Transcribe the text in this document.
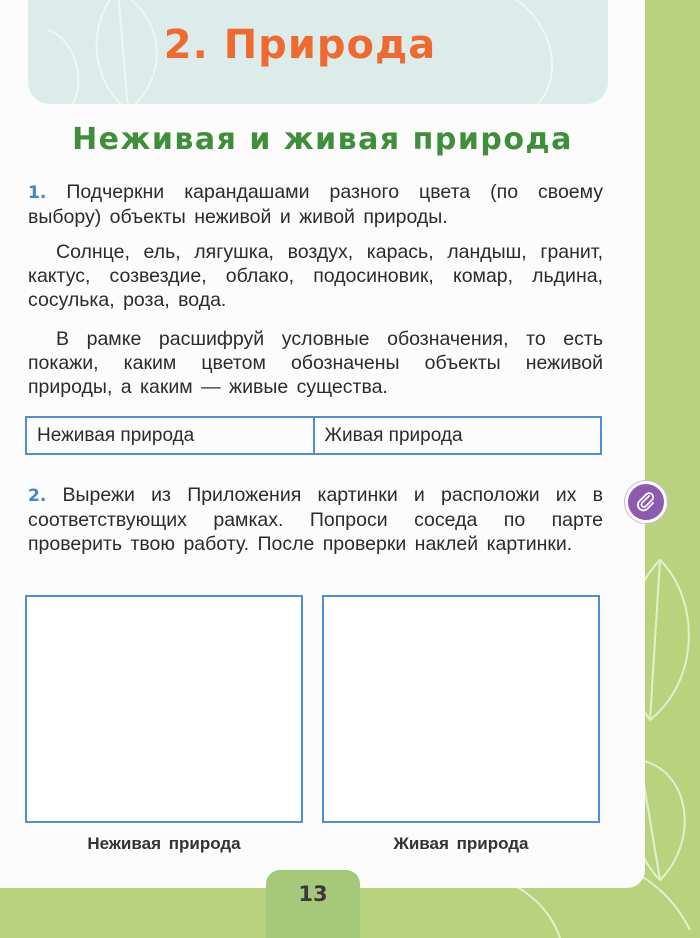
2. Природа
Неживая и живая природа

1. Подчеркни карандашами разного цвета (по своему выбору) объекты неживой и живой природы.

Солнце, ель, лягушка, воздух, карась, ландыш, гранит, кактус, созвездие, облако, подосиновик, комар, льдина, сосулька, роза, вода.

В рамке расшифруй условные обозначения, то есть покажи, каким цветом обозначены объекты неживой природы, а каким — живые существа.

Неживая природа	Живая природа

2. Вырежи из Приложения картинки и расположи их в соответствующих рамках. Попроси соседа по парте проверить твою работу. После проверки наклей картинки.

Неживая природа	Живая природа
13
